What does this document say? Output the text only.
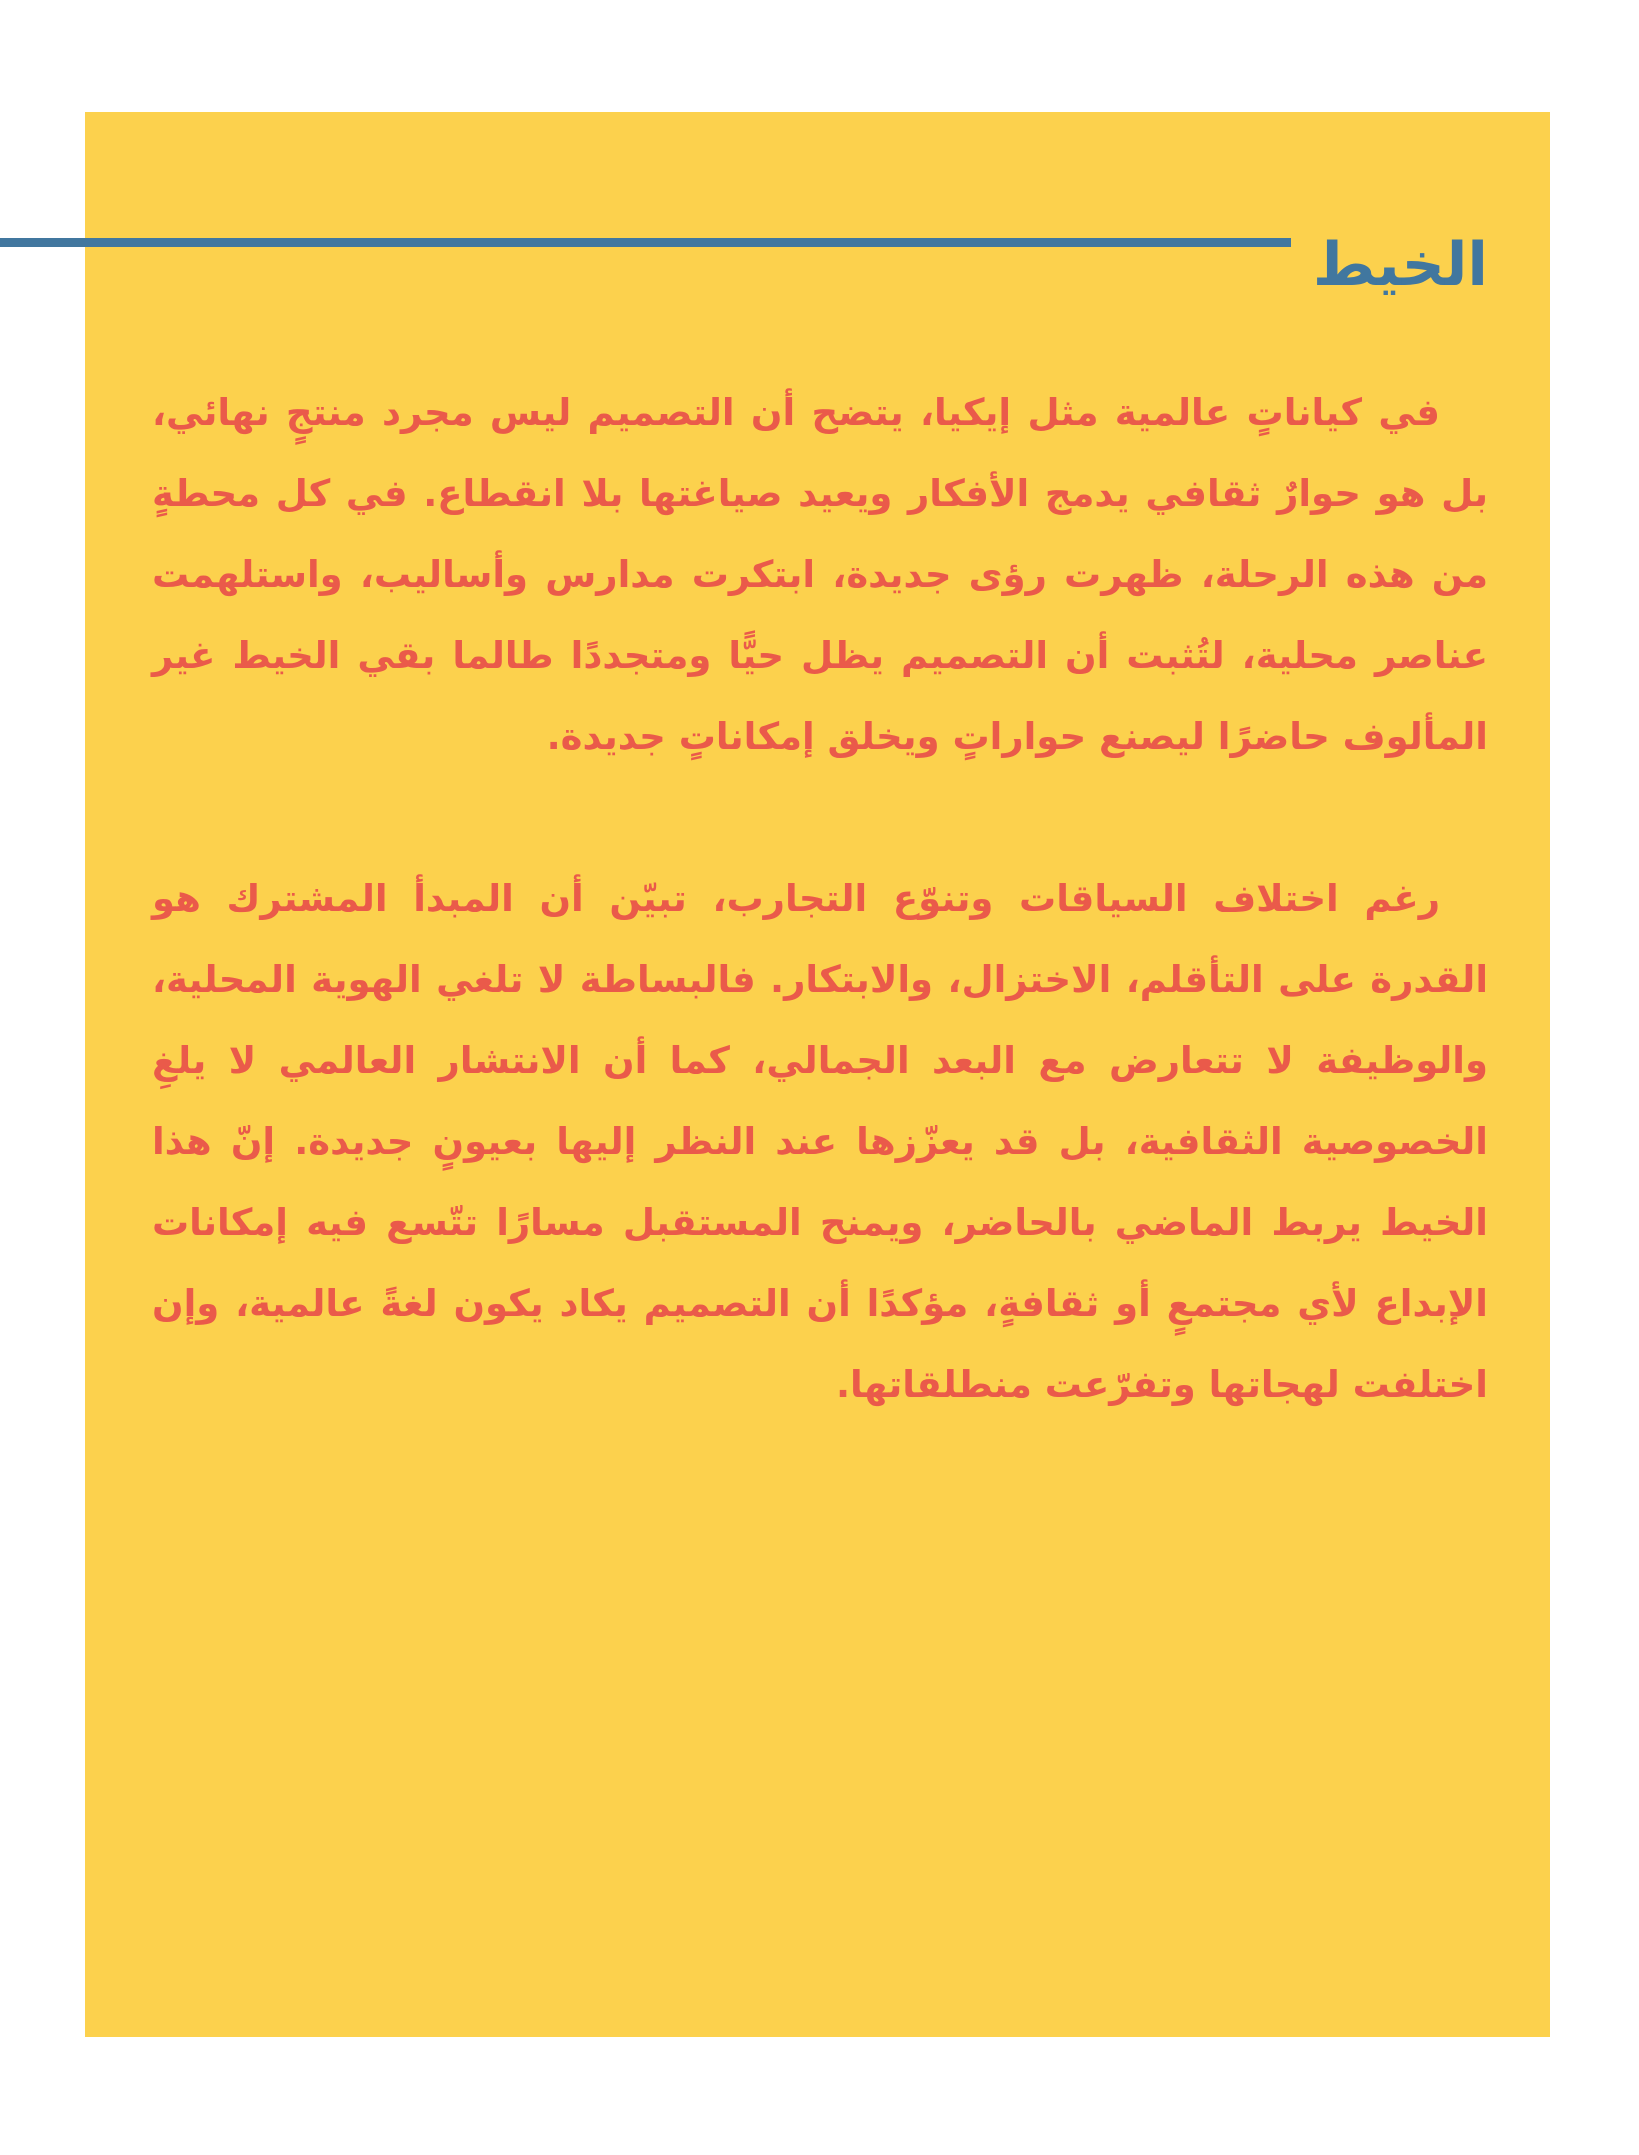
الخيط

في كياناتٍ عالمية مثل إيكيا، يتضح أن التصميم ليس مجرد منتجٍ نهائي، بل هو حوارٌ ثقافي يدمج الأفكار ويعيد صياغتها بلا انقطاع. في كل محطةٍ من هذه الرحلة، ظهرت رؤى جديدة، ابتكرت مدارس وأساليب، واستلهمت عناصر محلية، لتُثبت أن التصميم يظل حيًّا ومتجددًا طالما بقي الخيط غير المألوف حاضرًا ليصنع حواراتٍ ويخلق إمكاناتٍ جديدة.

رغم اختلاف السياقات وتنوّع التجارب، تبيّن أن المبدأ المشترك هو القدرة على التأقلم، الاختزال، والابتكار. فالبساطة لا تلغي الهوية المحلية، والوظيفة لا تتعارض مع البعد الجمالي، كما أن الانتشار العالمي لا يلغِ الخصوصية الثقافية، بل قد يعزّزها عند النظر إليها بعيونٍ جديدة. إنّ هذا الخيط يربط الماضي بالحاضر، ويمنح المستقبل مسارًا تتّسع فيه إمكانات الإبداع لأي مجتمعٍ أو ثقافةٍ، مؤكدًا أن التصميم يكاد يكون لغةً عالمية، وإن اختلفت لهجاتها وتفرّعت منطلقاتها.
